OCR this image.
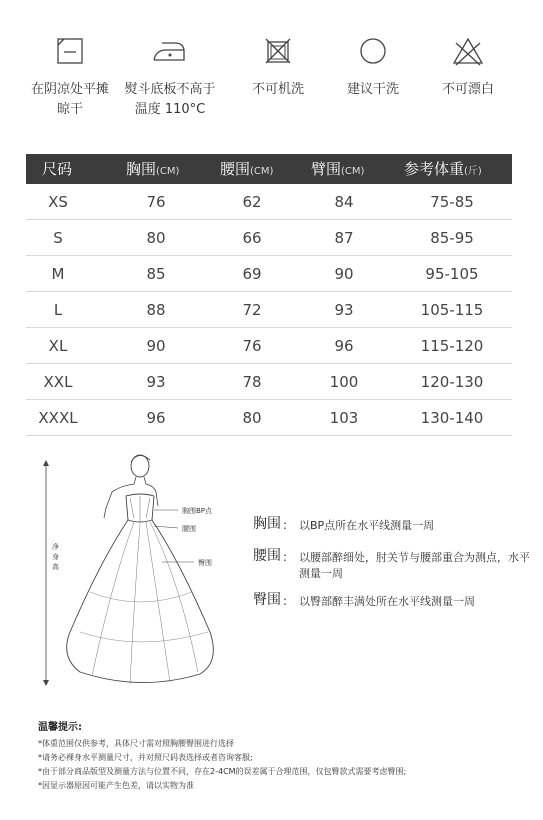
在阴凉处平摊
晾干
熨斗底板不高于
温度 110°C
不可机洗	建议干洗	不可漂白
尺码	胸围(CM)	腰围(CM)	臂围(CM)	参考体重(斤)
XS	76	62	84	75-85
S	80	66	87	85-95
M	85	69	90	95-105
L	88	72	93	105-115
XL	90	76	96	115-120
XXL	93	78	100	120-130
XXXL	96	80	103	130-140
净身高
胸围BP点
腰围
臀围
胸围 : 以BP点所在水平线测量一周
腰围 : 以腰部醉细处，肘关节与腰部重合为测点，水平测量一周
臀围 : 以臀部醉丰满处所在水平线测量一周
温馨提示:
*体重范围仅供参考，具体尺寸需对照胸腰臀围进行选择
*请务必裸身水平测量尺寸，并对照尺码表选择或者咨询客服;
*由于部分商品版型及测量方法与位置不同，存在2-4CM的误差属于合理范围，仅包臀款式需要考虑臀围;
*因显示器原因可能产生色差，请以实物为准
